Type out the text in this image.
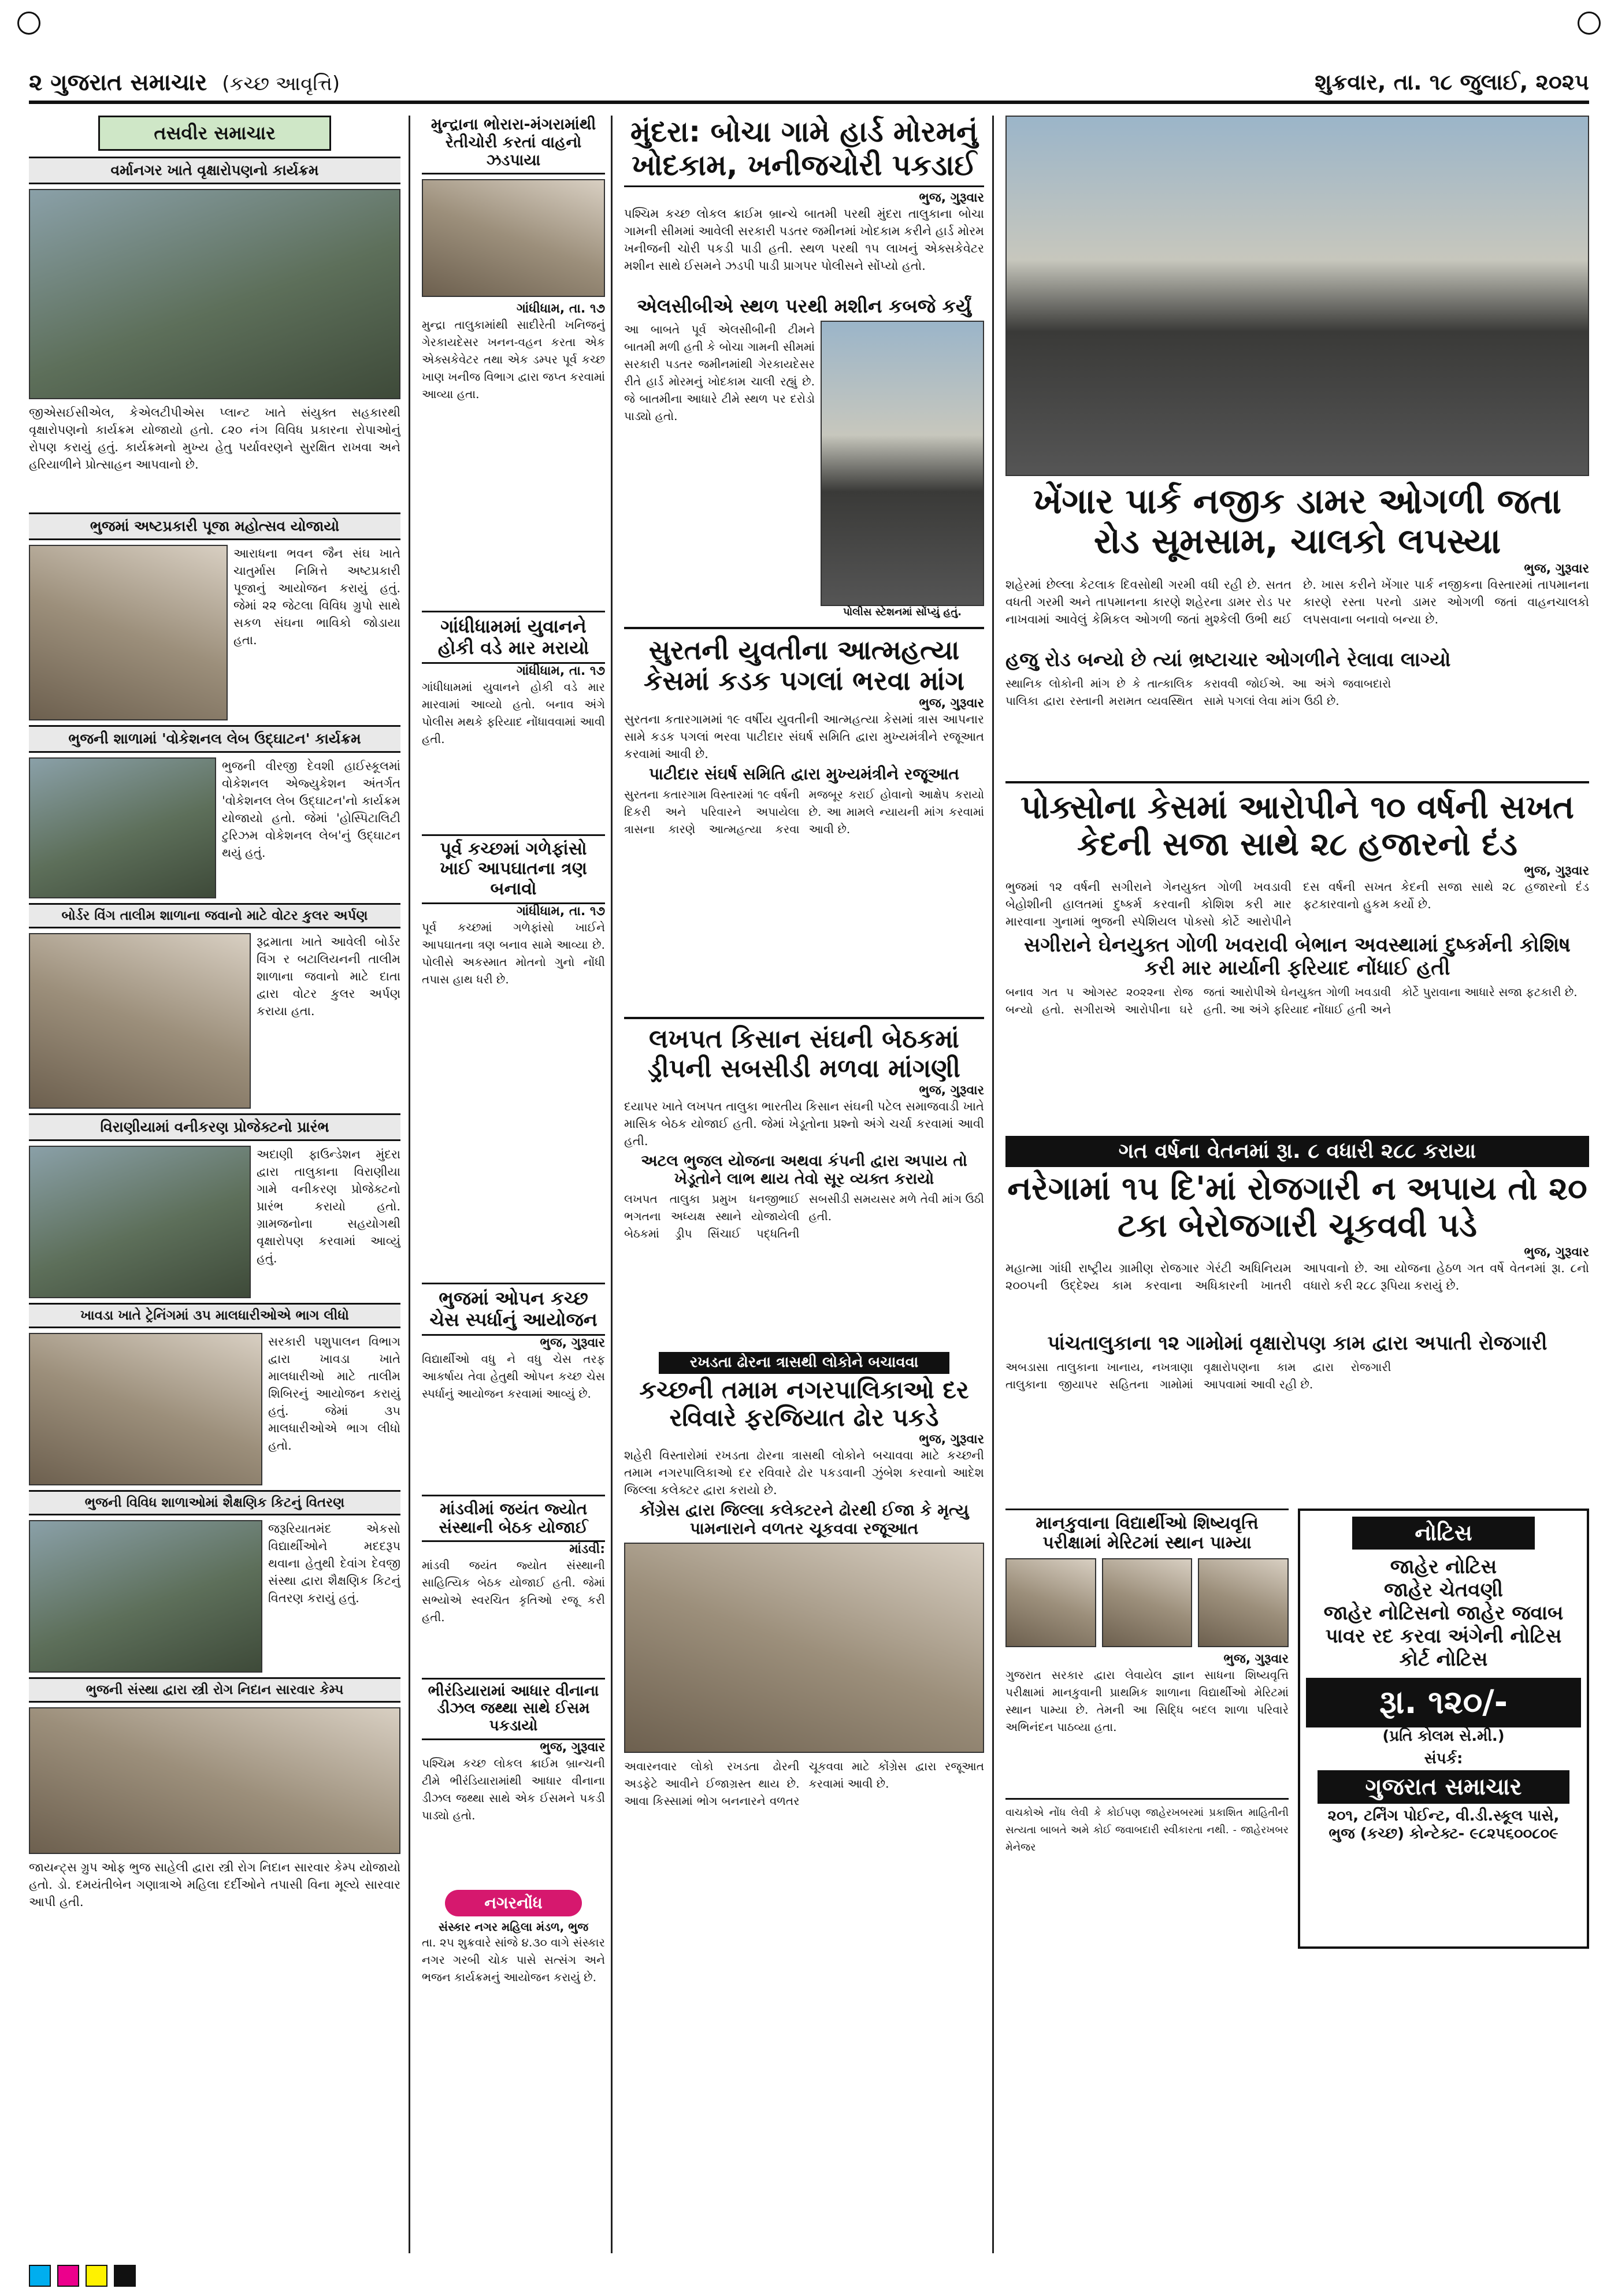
૨ ગુજરાત સમાચાર (કચ્છ આવૃત્તિ)	શુક્રવાર, તા. ૧૮ જુલાઈ, ૨૦૨૫
તસવીર સમાચાર
વર્માનગર ખાતે વૃક્ષારોપણનો કાર્યક્રમ
જીએસઈસીએલ, કેએલટીપીએસ પ્લાન્ટ ખાતે સંયુક્ત સહકારથી વૃક્ષારોપણનો કાર્યક્રમ યોજાયો હતો. ૮૨૦ નંગ વિવિધ પ્રકારના રોપાઓનું રોપણ કરાયું હતું. કાર્યક્રમનો મુખ્ય હેતુ પર્યાવરણને સુરક્ષિત રાખવા અને હરિયાળીને પ્રોત્સાહન આપવાનો છે.
ભુજમાં અષ્ટપ્રકારી પૂજા મહોત્સવ યોજાયો
આરાધના ભવન જૈન સંઘ ખાતે ચાતુર્માસ નિમિત્તે અષ્ટપ્રકારી પૂજાનું આયોજન કરાયું હતું. જેમાં ૨૨ જેટલા વિવિધ ગ્રુપો સાથે સકળ સંઘના ભાવિકો જોડાયા હતા.
ભુજની શાળામાં 'વોકેશનલ લેબ ઉદ્ઘાટન' કાર્યક્રમ
ભુજની વીરજી દેવશી હાઈસ્કૂલમાં વોકેશનલ એજ્યુકેશન અંતર્ગત 'વોકેશનલ લેબ ઉદ્ઘાટન'નો કાર્યક્રમ યોજાયો હતો. જેમાં 'હોસ્પિટાલિટી ટુરિઝમ વોકેશનલ લેબ'નું ઉદ્ઘાટન થયું હતું.
બોર્ડર વિંગ તાલીમ શાળાના જવાનો માટે વોટર કુલર અર્પણ
રૂદ્રમાતા ખાતે આવેલી બોર્ડર વિંગ ર બટાલિયનની તાલીમ શાળાના જવાનો માટે દાતા દ્વારા વોટર કુલર અર્પણ કરાયા હતા.
વિરાણીયામાં વનીકરણ પ્રોજેક્ટનો પ્રારંભ
અદાણી ફાઉન્ડેશન મુંદરા દ્વારા તાલુકાના વિરાણીયા ગામે વનીકરણ પ્રોજેક્ટનો પ્રારંભ કરાયો હતો. ગ્રામજનોના સહયોગથી વૃક્ષારોપણ કરવામાં આવ્યું હતું.
ખાવડા ખાતે ટ્રેનિંગમાં ૩૫ માલધારીઓએ ભાગ લીધો
સરકારી પશુપાલન વિભાગ દ્વારા ખાવડા ખાતે માલધારીઓ માટે તાલીમ શિબિરનું આયોજન કરાયું હતું. જેમાં ૩૫ માલધારીઓએ ભાગ લીધો હતો.
ભુજની વિવિધ શાળાઓમાં શૈક્ષણિક કિટનું વિતરણ
જરૂરિયાતમંદ એકસો વિદ્યાર્થીઓને મદદરૂપ થવાના હેતુથી દેવાંગ દેવજી સંસ્થા દ્વારા શૈક્ષણિક કિટનું વિતરણ કરાયું હતું.
ભુજની સંસ્થા દ્વારા સ્ત્રી રોગ નિદાન સારવાર કેમ્પ
જાયન્ટ્સ ગ્રુપ ઓફ ભુજ સાહેલી દ્વારા સ્ત્રી રોગ નિદાન સારવાર કેમ્પ યોજાયો હતો. ડો. દમયંતીબેન ગણાત્રાએ મહિલા દર્દીઓને તપાસી વિના મૂલ્યે સારવાર આપી હતી.
મુન્દ્રાના ભોરારા-મંગરામાંથી રેતીચોરી કરતાં વાહનો ઝડપાયા
ગાંધીધામ, તા. ૧૭
મુન્દ્રા તાલુકામાંથી સાદીરેતી ખનિજનું ગેરકાયદેસર ખનન-વહન કરતા એક એક્સકેવેટર તથા એક ડમ્પર પૂર્વ કચ્છ ખાણ ખનીજ વિભાગ દ્વારા જપ્ત કરવામાં આવ્યા હતા.
ગાંધીધામમાં યુવાનને હોકી વડે માર મરાયો
ગાંધીધામ, તા. ૧૭
ગાંધીધામમાં યુવાનને હોકી વડે માર મારવામાં આવ્યો હતો. બનાવ અંગે પોલીસ મથકે ફરિયાદ નોંધાવવામાં આવી હતી.
પૂર્વ કચ્છમાં ગળેફાંસો ખાઈ આપઘાતના ત્રણ બનાવો
ગાંધીધામ, તા. ૧૭
પૂર્વ કચ્છમાં ગળેફાંસો ખાઈને આપઘાતના ત્રણ બનાવ સામે આવ્યા છે. પોલીસે અકસ્માત મોતનો ગુનો નોંધી તપાસ હાથ ધરી છે.
ભુજમાં ઓપન કચ્છ ચેસ સ્પર્ધાનું આયોજન
ભુજ, ગુરૂવાર
વિદ્યાર્થીઓ વધુ ને વધુ ચેસ તરફ આકર્ષાય તેવા હેતુથી ઓપન કચ્છ ચેસ સ્પર્ધાનું આયોજન કરવામાં આવ્યું છે.
માંડવીમાં જયંત જ્યોત સંસ્થાની બેઠક યોજાઈ
માંડવી:
માંડવી જયંત જ્યોત સંસ્થાની સાહિત્યિક બેઠક યોજાઈ હતી. જેમાં સભ્યોએ સ્વરચિત કૃતિઓ રજૂ કરી હતી.
ભીરંડિયારામાં આધાર વીનાના ડીઝલ જથ્થા સાથે ઈસમ પકડાયો
ભુજ, ગુરૂવાર
પશ્ચિમ કચ્છ લોકલ ક્રાઈમ બ્રાન્ચની ટીમે ભીરંડિયારામાંથી આધાર વીનાના ડીઝલ જથ્થા સાથે એક ઈસમને પકડી પાડ્યો હતો.
નગરનોંધ
સંસ્કાર નગર મહિલા મંડળ, ભુજ
તા. ૨૫ શુક્રવારે સાંજે ૪.૩૦ વાગે સંસ્કાર નગર ગરબી ચોક પાસે સત્સંગ અને ભજન કાર્યક્રમનું આયોજન કરાયું છે.
મુંદરા: બોચા ગામે હાર્ડ મોરમનું ખોદકામ, ખનીજચોરી પકડાઈ
ભુજ, ગુરૂવાર
પશ્ચિમ કચ્છ લોકલ ક્રાઈમ બ્રાન્ચે બાતમી પરથી મુંદરા તાલુકાના બોચા ગામની સીમમાં આવેલી સરકારી પડતર જમીનમાં ખોદકામ કરીને હાર્ડ મોરમ ખનીજની ચોરી પકડી પાડી હતી. સ્થળ પરથી ૧૫ લાખનું એક્સકેવેટર મશીન સાથે ઈસમને ઝડપી પાડી પ્રાગપર પોલીસને સોંપ્યો હતો.
એલસીબીએ સ્થળ પરથી મશીન કબજે કર્યું
આ બાબતે પૂર્વ એલસીબીની ટીમને બાતમી મળી હતી કે બોચા ગામની સીમમાં સરકારી પડતર જમીનમાંથી ગેરકાયદેસર રીતે હાર્ડ મોરમનું ખોદકામ ચાલી રહ્યું છે. જે બાતમીના આધારે ટીમે સ્થળ પર દરોડો પાડ્યો હતો.
પોલીસ સ્ટેશનમાં સોંપ્યું હતું.
સુરતની યુવતીના આત્મહત્યા કેસમાં કડક પગલાં ભરવા માંગ
ભુજ, ગુરૂવાર
સુરતના કતારગામમાં ૧૯ વર્ષીય યુવતીની આત્મહત્યા કેસમાં ત્રાસ આપનાર સામે કડક પગલાં ભરવા પાટીદાર સંઘર્ષ સમિતિ દ્વારા મુખ્યમંત્રીને રજૂઆત કરવામાં આવી છે.
પાટીદાર સંઘર્ષ સમિતિ દ્વારા મુખ્યમંત્રીને રજૂઆત
સુરતના કતારગામ વિસ્તારમાં ૧૯ વર્ષની દિકરી અને પરિવારને અપાયેલા ત્રાસના કારણે આત્મહત્યા કરવા મજબૂર કરાઈ હોવાનો આક્ષેપ કરાયો છે. આ મામલે ન્યાયની માંગ કરવામાં આવી છે.
લખપત કિસાન સંઘની બેઠકમાં ડ્રીપની સબસીડી મળવા માંગણી
ભુજ, ગુરૂવાર
દયાપર ખાતે લખપત તાલુકા ભારતીય કિસાન સંઘની પટેલ સમાજવાડી ખાતે માસિક બેઠક યોજાઈ હતી. જેમાં ખેડૂતોના પ્રશ્નો અંગે ચર્ચા કરવામાં આવી હતી.
અટલ ભુજલ યોજના અથવા કંપની દ્વારા અપાય તો ખેડૂતોને લાભ થાય તેવો સૂર વ્યક્ત કરાયો
લખપત તાલુકા પ્રમુખ ધનજીભાઈ ભગતના અધ્યક્ષ સ્થાને યોજાયેલી બેઠકમાં ડ્રીપ સિંચાઈ પદ્ધતિની સબસીડી સમયસર મળે તેવી માંગ ઉઠી હતી.
રખડતા ઢોરના ત્રાસથી લોકોને બચાવવા
કચ્છની તમામ નગરપાલિકાઓ દર રવિવારે ફરજિયાત ઢોર પકડે
ભુજ, ગુરૂવાર
શહેરી વિસ્તારોમાં રખડતા ઢોરના ત્રાસથી લોકોને બચાવવા માટે કચ્છની તમામ નગરપાલિકાઓ દર રવિવારે ઢોર પકડવાની ઝુંબેશ કરવાનો આદેશ જિલ્લા કલેક્ટર દ્વારા કરાયો છે.
કોંગ્રેસ દ્વારા જિલ્લા કલેક્ટરને ઢોરથી ઈજા કે મૃત્યુ પામનારાને વળતર ચૂકવવા રજૂઆત
અવારનવાર લોકો રખડતા ઢોરની અડફેટે આવીને ઈજાગ્રસ્ત થાય છે. આવા કિસ્સામાં ભોગ બનનારને વળતર ચૂકવવા માટે કોંગ્રેસ દ્વારા રજૂઆત કરવામાં આવી છે.
ખેંગાર પાર્ક નજીક ડામર ઓગળી જતા રોડ સૂમસામ, ચાલકો લપસ્યા
ભુજ, ગુરૂવાર
શહેરમાં છેલ્લા કેટલાક દિવસોથી ગરમી વધી રહી છે. સતત વધતી ગરમી અને તાપમાનના કારણે શહેરના ડામર રોડ પર નાખવામાં આવેલું કેમિકલ ઓગળી જતાં મુશ્કેલી ઉભી થઈ છે. ખાસ કરીને ખેંગાર પાર્ક નજીકના વિસ્તારમાં તાપમાનના કારણે રસ્તા પરનો ડામર ઓગળી જતાં વાહનચાલકો લપસવાના બનાવો બન્યા છે.
હજુ રોડ બન્યો છે ત્યાં ભ્રષ્ટાચાર ઓગળીને રેલાવા લાગ્યો
સ્થાનિક લોકોની માંગ છે કે તાત્કાલિક પાલિકા દ્વારા રસ્તાની મરામત વ્યવસ્થિત કરાવવી જોઈએ. આ અંગે જવાબદારો સામે પગલાં લેવા માંગ ઉઠી છે.
પોક્સોના કેસમાં આરોપીને ૧૦ વર્ષની સખત કેદની સજા સાથે ૨૮ હજારનો દંડ
ભુજ, ગુરૂવાર
ભુજમાં ૧૨ વર્ષની સગીરાને ગેનયુક્ત ગોળી ખવડાવી બેહોશીની હાલતમાં દુષ્કર્મ કરવાની કોશિશ કરી માર મારવાના ગુનામાં ભુજની સ્પેશિયલ પોક્સો કોર્ટે આરોપીને દસ વર્ષની સખત કેદની સજા સાથે ૨૮ હજારનો દંડ ફટકારવાનો હુકમ કર્યો છે.
સગીરાને ઘેનયુક્ત ગોળી ખવરાવી બેભાન અવસ્થામાં દુષ્કર્મની કોશિષ કરી માર માર્યાની ફરિયાદ નોંધાઈ હતી
બનાવ ગત ૫ ઓગસ્ટ ૨૦૨૨ના રોજ બન્યો હતો. સગીરાએ આરોપીના ઘરે જતાં આરોપીએ ઘેનયુક્ત ગોળી ખવડાવી હતી. આ અંગે ફરિયાદ નોંધાઈ હતી અને કોર્ટે પુરાવાના આધારે સજા ફટકારી છે.
ગત વર્ષના વેતનમાં રૂા. ૮ વધારી ૨૮૮ કરાયા
નરેગામાં ૧૫ દિ'માં રોજગારી ન અપાય તો ૨૦ ટકા બેરોજગારી ચૂકવવી પડે
ભુજ, ગુરૂવાર
મહાત્મા ગાંધી રાષ્ટ્રીય ગ્રામીણ રોજગાર ગેરંટી અધિનિયમ ૨૦૦૫ની ઉદ્દેશ્ય કામ કરવાના અધિકારની ખાતરી આપવાનો છે. આ યોજના હેઠળ ગત વર્ષે વેતનમાં રૂા. ૮નો વધારો કરી ૨૮૮ રૂપિયા કરાયું છે.
પાંચતાલુકાના ૧૨ ગામોમાં વૃક્ષારોપણ કામ દ્વારા અપાતી રોજગારી
અબડાસા તાલુકાના ખાનાય, નખત્રાણા તાલુકાના જીયાપર સહિતના ગામોમાં વૃક્ષારોપણના કામ દ્વારા રોજગારી આપવામાં આવી રહી છે.
માનકુવાના વિદ્યાર્થીઓ શિષ્યવૃત્તિ પરીક્ષામાં મેરિટમાં સ્થાન પામ્યા
ભુજ, ગુરૂવાર
ગુજરાત સરકાર દ્વારા લેવાયેલ જ્ઞાન સાધના શિષ્યવૃત્તિ પરીક્ષામાં માનકુવાની પ્રાથમિક શાળાના વિદ્યાર્થીઓ મેરિટમાં સ્થાન પામ્યા છે. તેમની આ સિદ્ધિ બદલ શાળા પરિવારે અભિનંદન પાઠવ્યા હતા.
વાચકોએ નોંધ લેવી કે કોઈપણ જાહેરખબરમાં પ્રકાશિત માહિતીની સત્યતા બાબતે અમે કોઈ જવાબદારી સ્વીકારતા નથી. - જાહેરખબર મેનેજર
નોટિસ
જાહેર નોટિસ
જાહેર ચેતવણી
જાહેર નોટિસનો જાહેર જવાબ
પાવર રદ કરવા અંગેની નોટિસ
કોર્ટ નોટિસ
રૂા. ૧૨૦/-
(પ્રતિ કોલમ સે.મી.)
સંપર્ક:
ગુજરાત સમાચાર
૨૦૧, ટર્નિંગ પોઈન્ટ, વી.ડી.સ્કૂલ પાસે,
ભુજ (કચ્છ) કોન્ટેક્ટ- ૯૮૨૫૬૦૦૮૦૯
